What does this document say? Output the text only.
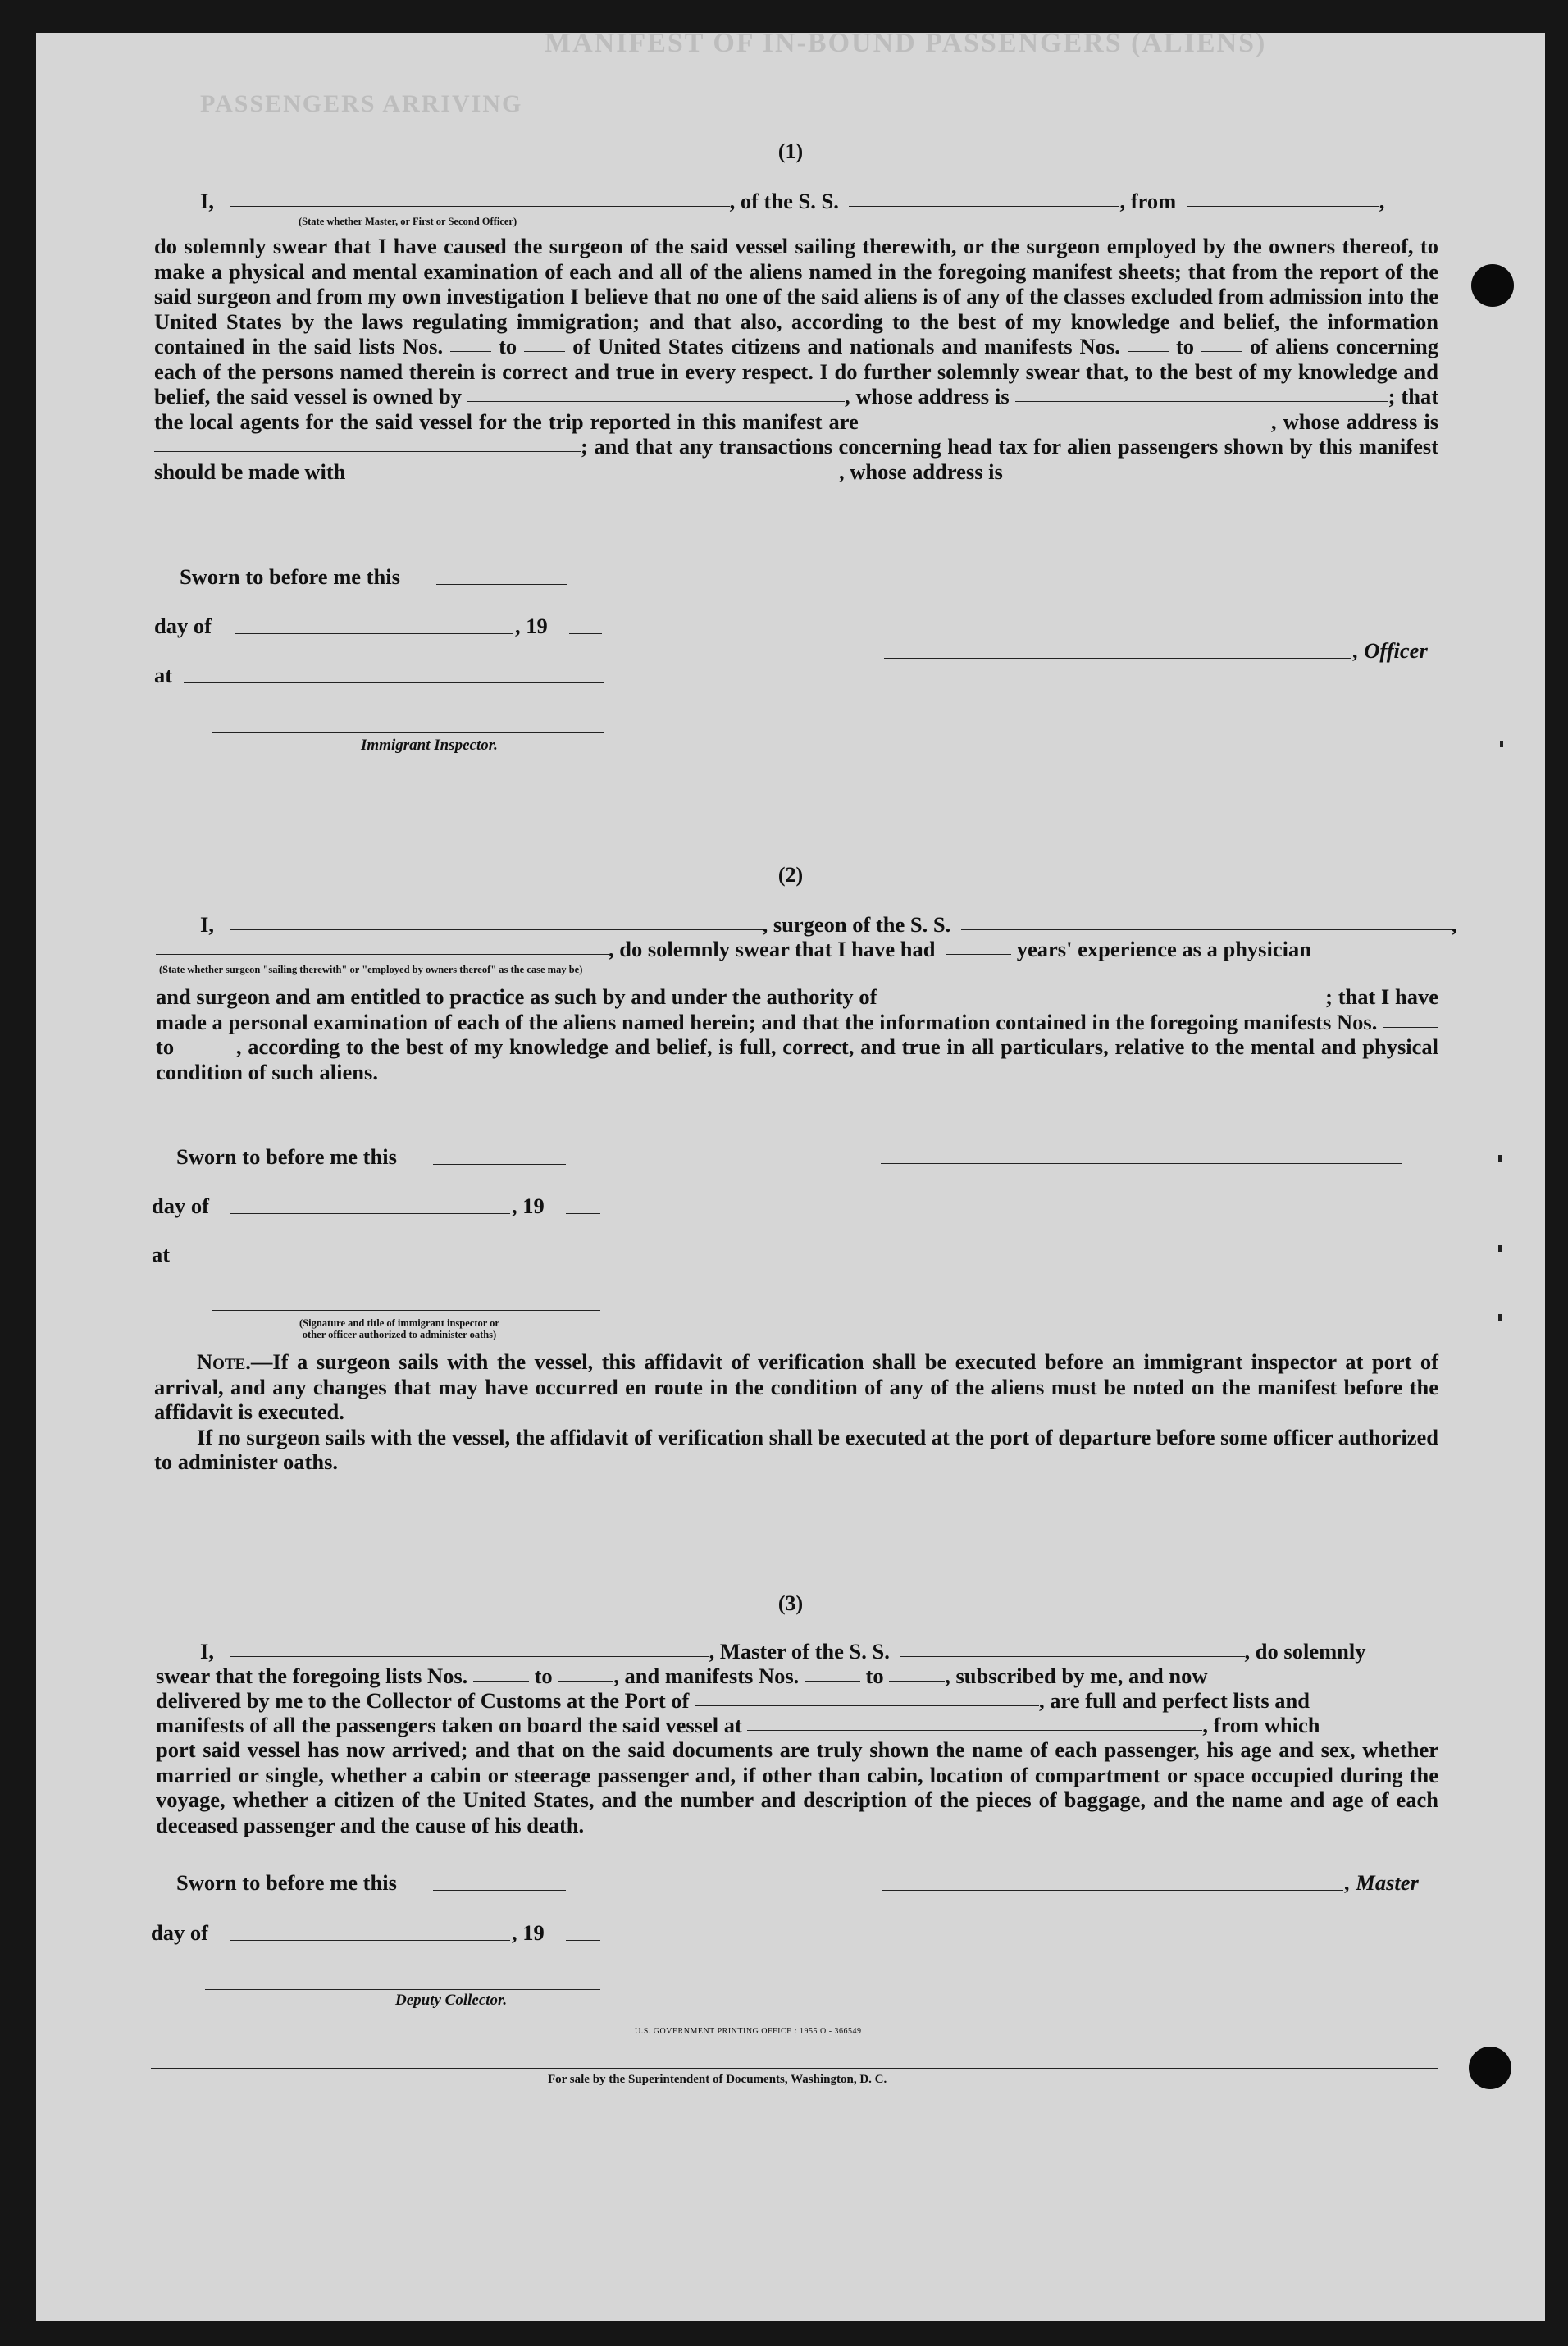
MANIFEST OF IN-BOUND PASSENGERS (ALIENS)
PASSENGERS ARRIVING
(1)
I,	, of the S. S.	, from	,
(State whether Master, or First or Second Officer)

do solemnly swear that I have caused the surgeon of the said vessel sailing therewith, or the surgeon employed by the owners thereof, to make a physical and mental examination of each and all of the aliens named in the foregoing manifest sheets; that from the report of the said surgeon and from my own investigation I believe that no one of the said aliens is of any of the classes excluded from admission into the United States by the laws regulating immigration; and that also, according to the best of my knowledge and belief, the information contained in the said lists Nos.	to	of United States citizens and nationals and manifests Nos.	to	of aliens concerning each of the persons named therein is correct and true in every respect. I do further solemnly swear that, to the best of my knowledge and belief, the said vessel is owned by	, whose address is	; that the local agents for the said vessel for the trip reported in this manifest are	, whose address is ; and that any transactions concerning head tax for alien passengers shown by this manifest should be made with	, whose address is

Sworn to before me this
day of	, 19
at
Immigrant Inspector.
, Officer
(2)
I,	, surgeon of the S. S.	,
, do solemnly swear that I have had	years' experience as a physician
(State whether surgeon "sailing therewith" or "employed by owners thereof" as the case may be)

and surgeon and am entitled to practice as such by and under the authority of	; that I have made a personal examination of each of the aliens named herein; and that the information contained in the foregoing manifests Nos.  to	, according to the best of my knowledge and belief, is full, correct, and true in all particulars, relative to the mental and physical condition of such aliens.

Sworn to before me this
day of	, 19
at
(Signature and title of immigrant inspector or
other officer authorized to administer oaths)

Note.—If a surgeon sails with the vessel, this affidavit of verification shall be executed before an immigrant inspector at port of arrival, and any changes that may have occurred en route in the condition of any of the aliens must be noted on the manifest before the affidavit is executed.

If no surgeon sails with the vessel, the affidavit of verification shall be executed at the port of departure before some officer authorized to administer oaths.

(3)
I,	, Master of the S. S.	, do solemnly
swear that the foregoing lists Nos.	to	, and manifests Nos.	to	, subscribed by me, and now
delivered by me to the Collector of Customs at the Port of	, are full and perfect lists and
manifests of all the passengers taken on board the said vessel at	, from which

port said vessel has now arrived; and that on the said documents are truly shown the name of each passenger, his age and sex, whether married or single, whether a cabin or steerage passenger and, if other than cabin, location of compartment or space occupied during the voyage, whether a citizen of the United States, and the number and description of the pieces of baggage, and the name and age of each deceased passenger and the cause of his death.

Sworn to before me this	, Master
day of	, 19
Deputy Collector.
U.S. GOVERNMENT PRINTING OFFICE : 1955 O - 366549
For sale by the Superintendent of Documents, Washington, D. C.
